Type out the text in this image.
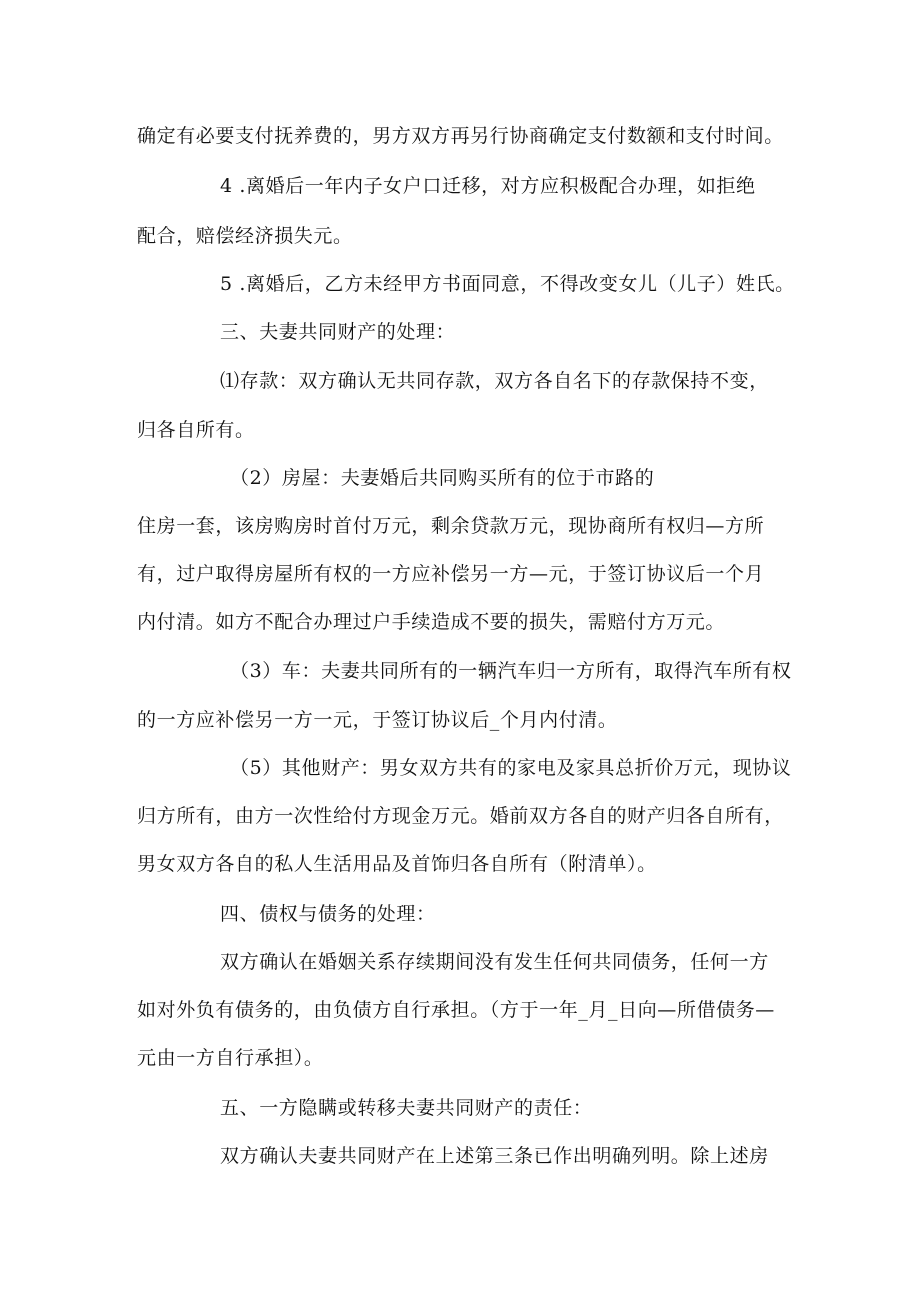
确定有必要支付抚养费的，男方双方再另行协商确定支付数额和支付时间。
4 .离婚后一年内子女户口迁移，对方应积极配合办理，如拒绝
配合，赔偿经济损失元。
5 .离婚后，乙方未经甲方书面同意，不得改变女儿（儿子）姓氏。
三、夫妻共同财产的处理：
⑴存款：双方确认无共同存款，双方各自名下的存款保持不变，
归各自所有。
（2）房屋：夫妻婚后共同购买所有的位于市路的
住房一套，该房购房时首付万元，剩余贷款万元，现协商所有权归—方所
有，过户取得房屋所有权的一方应补偿另一方—元，于签订协议后一个月
内付清。如方不配合办理过户手续造成不要的损失，需赔付方万元。
（3）车：夫妻共同所有的一辆汽车归一方所有，取得汽车所有权
的一方应补偿另一方一元，于签订协议后_个月内付清。
（5）其他财产：男女双方共有的家电及家具总折价万元，现协议
归方所有，由方一次性给付方现金万元。婚前双方各自的财产归各自所有，
男女双方各自的私人生活用品及首饰归各自所有（附清单）。
四、债权与债务的处理：
双方确认在婚姻关系存续期间没有发生任何共同债务，任何一方
如对外负有债务的，由负债方自行承担。（方于一年_月_日向—所借债务—
元由一方自行承担）。
五、一方隐瞒或转移夫妻共同财产的责任：
双方确认夫妻共同财产在上述第三条已作出明确列明。除上述房
